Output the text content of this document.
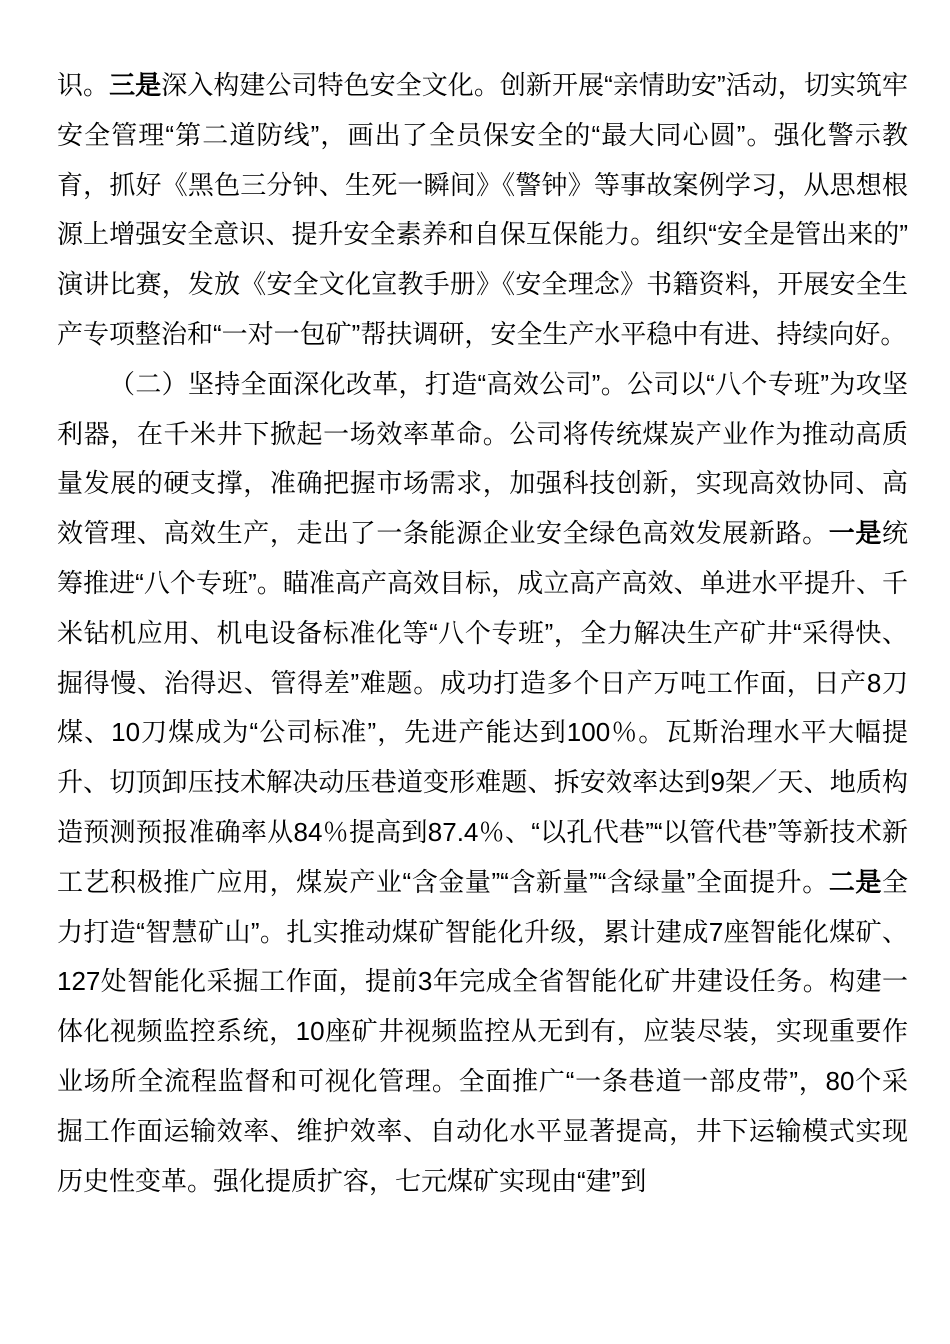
识。三是深入构建公司特色安全文化。创新开展“亲情助安”活动，切实筑牢安全管理“第二道防线”，画出了全员保安全的“最大同心圆”。强化警示教育，抓好《黑色三分钟、生死一瞬间》《警钟》等事故案例学习，从思想根源上增强安全意识、提升安全素养和自保互保能力。组织“安全是管出来的”演讲比赛，发放《安全文化宣教手册》《安全理念》书籍资料，开展安全生产专项整治和“一对一包矿”帮扶调研，安全生产水平稳中有进、持续向好。

（二）坚持全面深化改革，打造“高效公司”。公司以“八个专班”为攻坚利器，在千米井下掀起一场效率革命。公司将传统煤炭产业作为推动高质量发展的硬支撑，准确把握市场需求，加强科技创新，实现高效协同、高效管理、高效生产，走出了一条能源企业安全绿色高效发展新路。一是统筹推进“八个专班”。瞄准高产高效目标，成立高产高效、单进水平提升、千米钻机应用、机电设备标准化等“八个专班”，全力解决生产矿井“采得快、掘得慢、治得迟、管得差”难题。成功打造多个日产万吨工作面，日产8刀煤、10刀煤成为“公司标准”，先进产能达到100％。瓦斯治理水平大幅提升、切顶卸压技术解决动压巷道变形难题、拆安效率达到9架／天、地质构造预测预报准确率从84％提高到87.4％、“以孔代巷”“以管代巷”等新技术新工艺积极推广应用，煤炭产业“含金量”“含新量”“含绿量”全面提升。二是全力打造“智慧矿山”。扎实推动煤矿智能化升级，累计建成7座智能化煤矿、127处智能化采掘工作面，提前3年完成全省智能化矿井建设任务。构建一体化视频监控系统，10座矿井视频监控从无到有，应装尽装，实现重要作业场所全流程监督和可视化管理。全面推广“一条巷道一部皮带”，80个采掘工作面运输效率、维护效率、自动化水平显著提高，井下运输模式实现历史性变革。强化提质扩容，七元煤矿实现由“建”到
